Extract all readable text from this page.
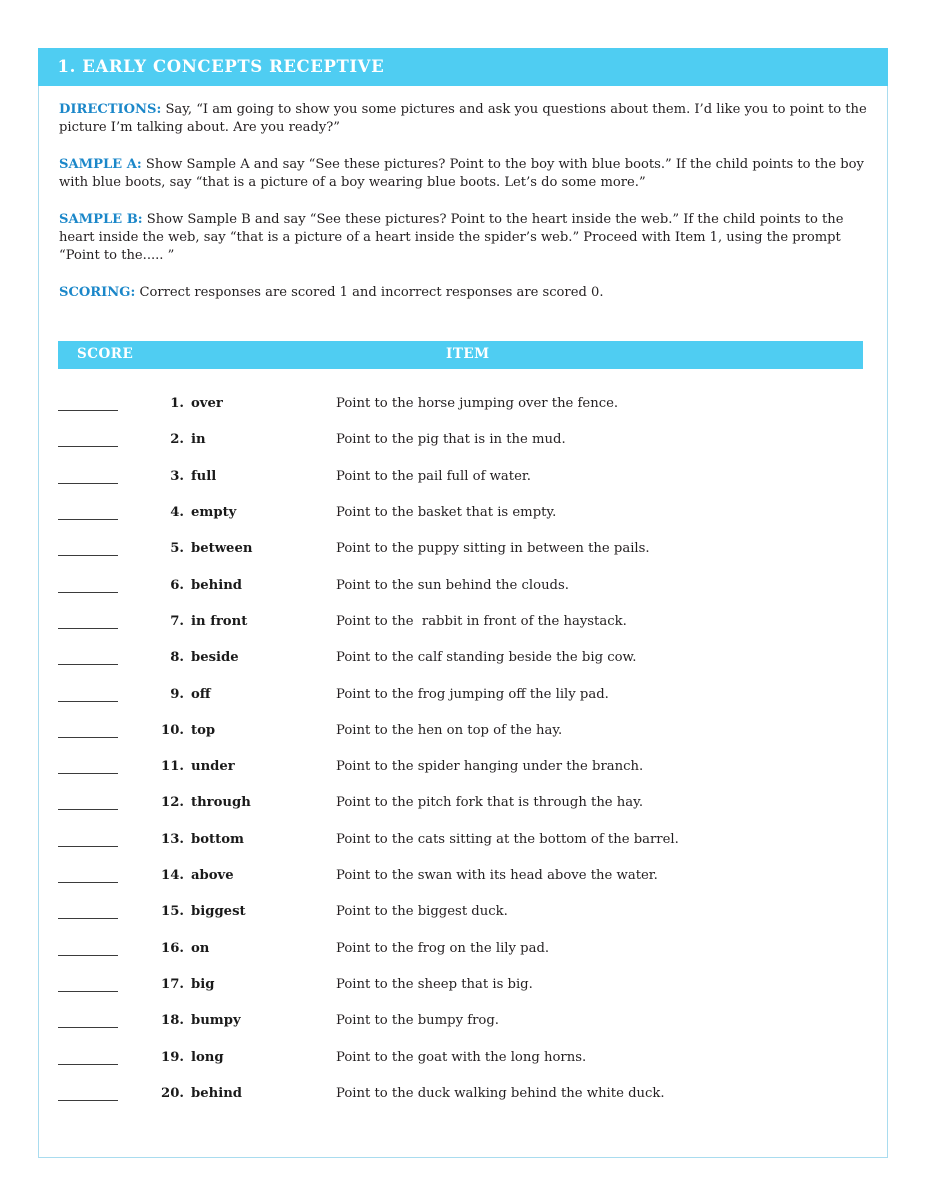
1. EARLY CONCEPTS RECEPTIVE

DIRECTIONS: Say, “I am going to show you some pictures and ask you questions about them. I’d like you to point to the picture I’m talking about. Are you ready?”

SAMPLE A: Show Sample A and say “See these pictures? Point to the boy with blue boots.” If the child points to the boy with blue boots, say “that is a picture of a boy wearing blue boots. Let’s do some more.”

SAMPLE B: Show Sample B and say “See these pictures? Point to the heart inside the web.” If the child points to the heart inside the web, say “that is a picture of a heart inside the spider’s web.” Proceed with Item 1, using the prompt “Point to the..... ”

SCORING: Correct responses are scored 1 and incorrect responses are scored 0.

SCORE	ITEM
1. over	Point to the horse jumping over the fence.
2. in	Point to the pig that is in the mud.
3. full	Point to the pail full of water.
4. empty	Point to the basket that is empty.
5. between	Point to the puppy sitting in between the pails.
6. behind	Point to the sun behind the clouds.
7. in front	Point to the  rabbit in front of the haystack.
8. beside	Point to the calf standing beside the big cow.
9. off	Point to the frog jumping off the lily pad.
10. top	Point to the hen on top of the hay.
11. under	Point to the spider hanging under the branch.
12. through	Point to the pitch fork that is through the hay.
13. bottom	Point to the cats sitting at the bottom of the barrel.
14. above	Point to the swan with its head above the water.
15. biggest	Point to the biggest duck.
16. on	Point to the frog on the lily pad.
17. big	Point to the sheep that is big.
18. bumpy	Point to the bumpy frog.
19. long	Point to the goat with the long horns.
20. behind	Point to the duck walking behind the white duck.
